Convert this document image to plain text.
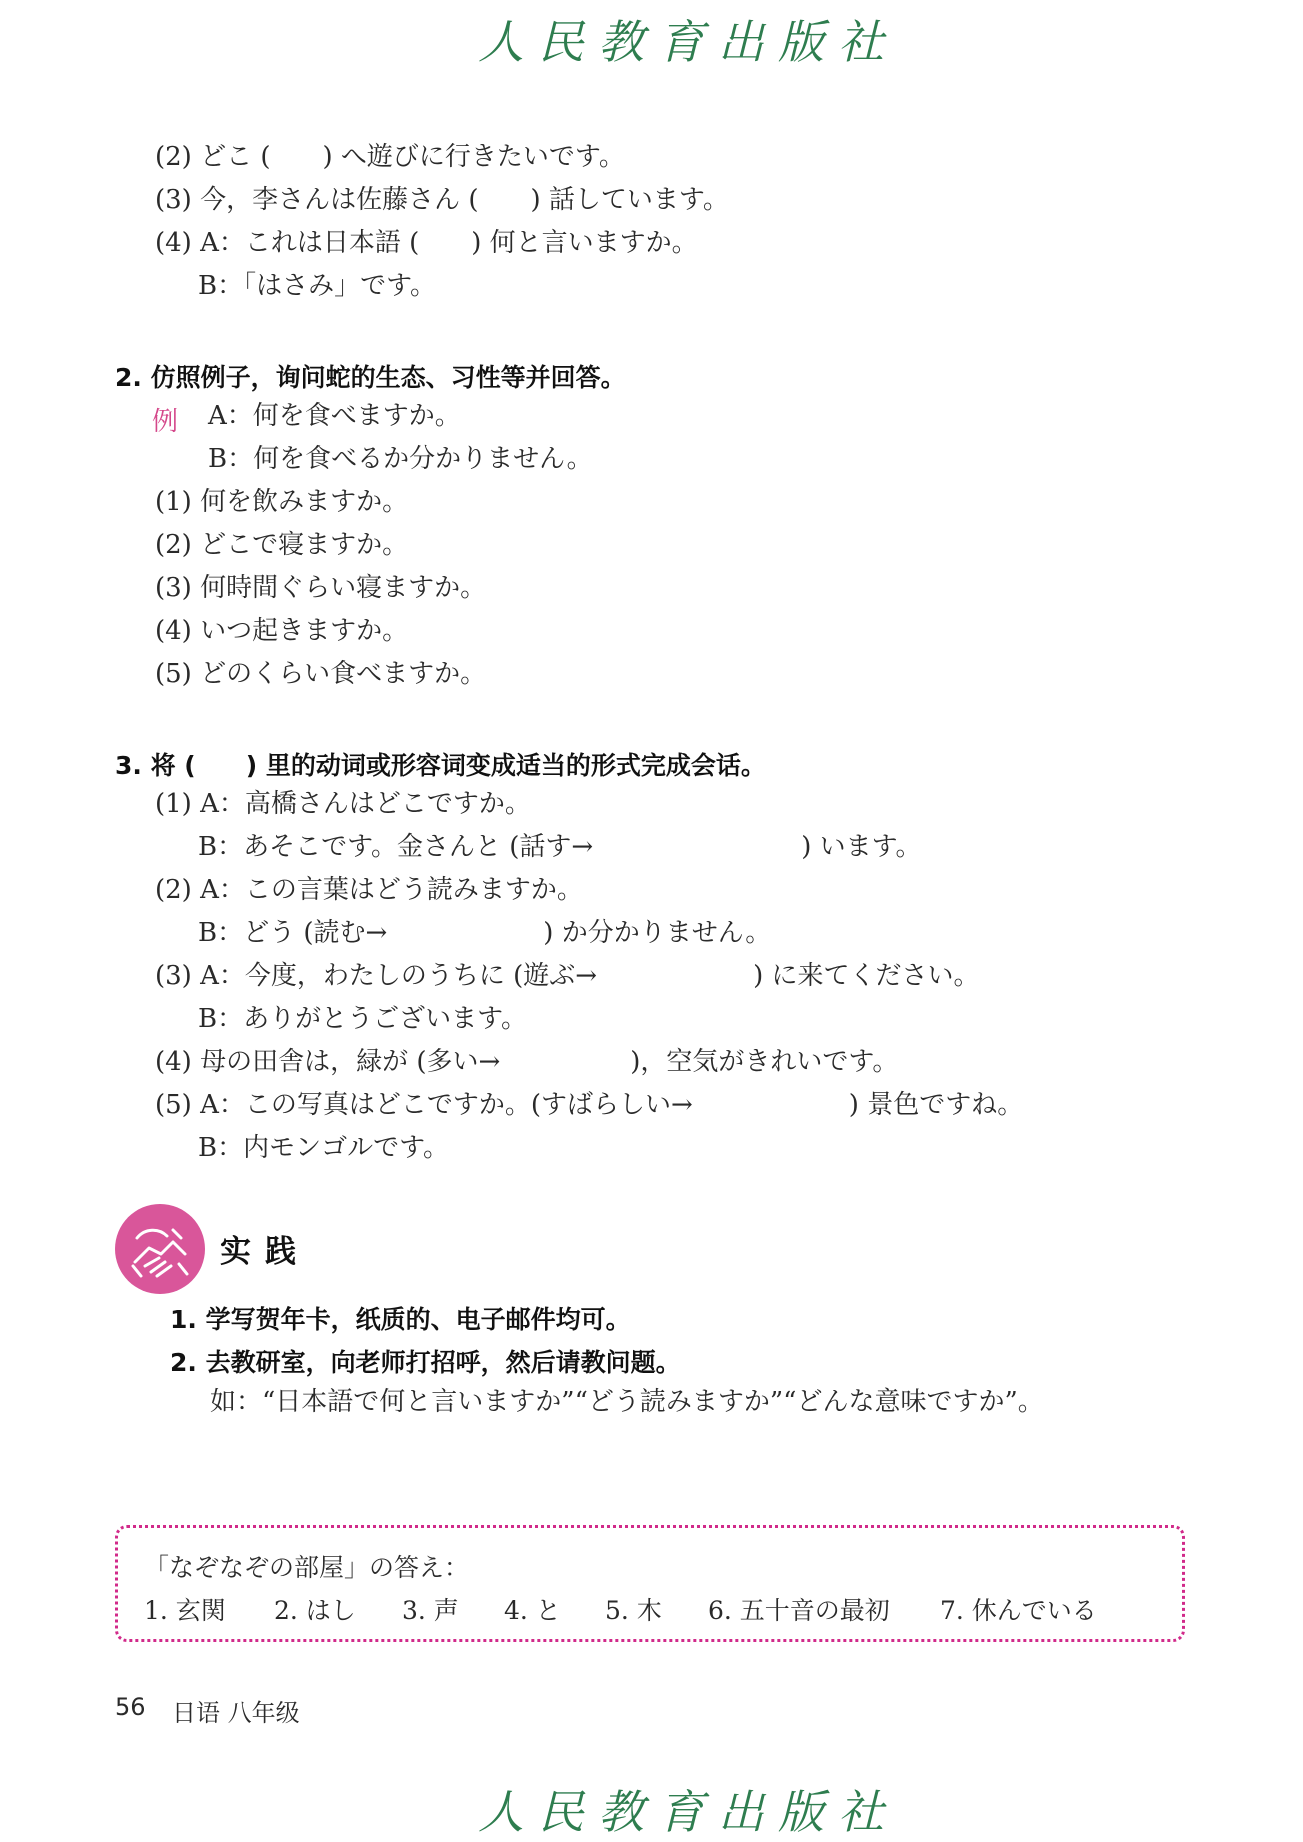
人民教育出版社
(2) どこ (　　) へ遊びに行きたいです。
(3) 今，李さんは佐藤さん (　　) 話しています。
(4) A：これは日本語 (　　) 何と言いますか。
B：「はさみ」です。
2. 仿照例子，询问蛇的生态、习性等并回答。
例 A：何を食べますか。
B：何を食べるか分かりません。
(1) 何を飲みますか。
(2) どこで寝ますか。
(3) 何時間ぐらい寝ますか。
(4) いつ起きますか。
(5) どのくらい食べますか。
3. 将 (　　) 里的动词或形容词变成适当的形式完成会话。
(1) A：高橋さんはどこですか。
B：あそこです。金さんと (話す→　　　　　　　　) います。
(2) A：この言葉はどう読みますか。
B：どう (読む→　　　　　　) か分かりません。
(3) A：今度，わたしのうちに (遊ぶ→　　　　　　) に来てください。
B：ありがとうございます。
(4) 母の田舎は，緑が (多い→　　　　　)，空気がきれいです。
(5) A：この写真はどこですか。(すばらしい→　　　　　　) 景色ですね。
B：内モンゴルです。
实践
1. 学写贺年卡，纸质的、电子邮件均可。
2. 去教研室，向老师打招呼，然后请教问题。
如：“日本語で何と言いますか”“どう読みますか”“どんな意味ですか”。
「なぞなぞの部屋」の答え：
1. 玄関 2. はし 3. 声 4. と 5. 木 6. 五十音の最初 7. 休んでいる
56 日语 八年级
人民教育出版社
